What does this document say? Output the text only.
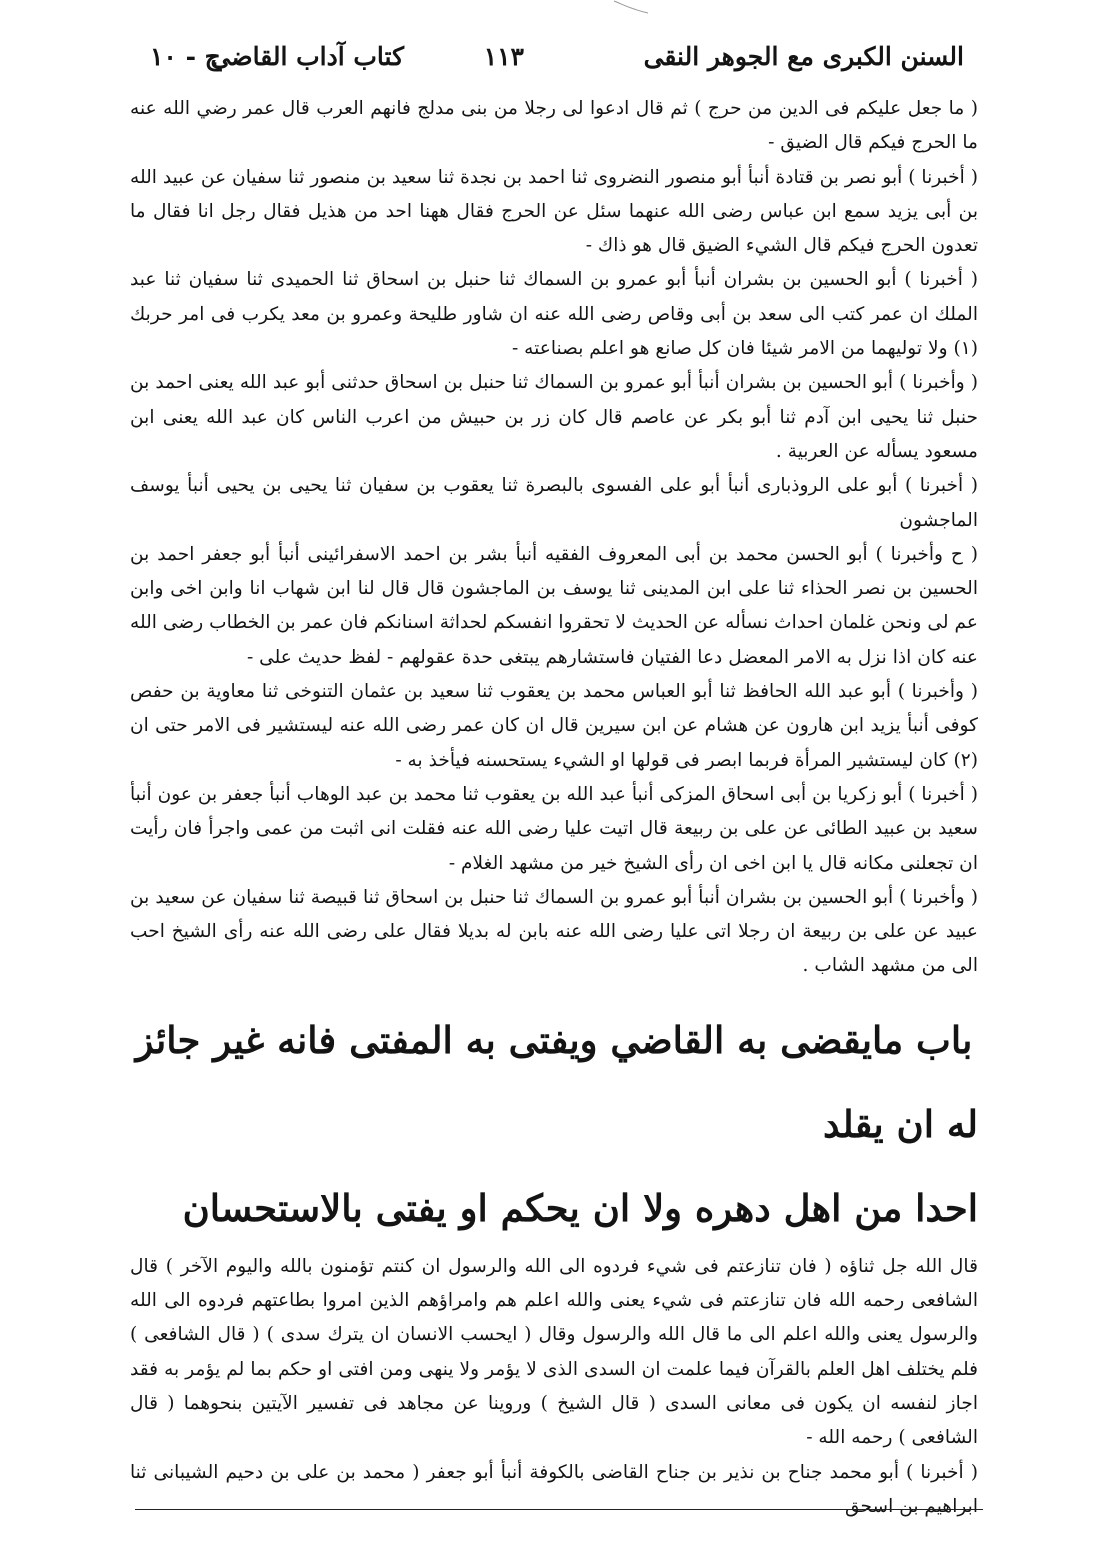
السنن الكبرى مع الجوهر النقى
١١٣
كتاب آداب القاضي
ج - ١٠

( ما جعل عليكم فى الدين من حرج ) ثم قال ادعوا لى رجلا من بنى مدلج فانهم العرب قال عمر رضي الله عنه ما الحرج فيكم قال الضيق -

( أخبرنا ) أبو نصر بن قتادة أنبأ أبو منصور النضروى ثنا احمد بن نجدة ثنا سعيد بن منصور ثنا سفيان عن عبيد الله بن أبى يزيد سمع ابن عباس رضى الله عنهما سئل عن الحرج فقال ههنا احد من هذيل فقال رجل انا فقال ما تعدون الحرج فيكم قال الشيء الضيق قال هو ذاك -

( أخبرنا ) أبو الحسين بن بشران أنبأ أبو عمرو بن السماك ثنا حنبل بن اسحاق ثنا الحميدى ثنا سفيان ثنا عبد الملك ان عمر كتب الى سعد بن أبى وقاص رضى الله عنه ان شاور طليحة وعمرو بن معد يكرب فى امر حربك (١) ولا توليهما من الامر شيئا فان كل صانع هو اعلم بصناعته -

( وأخبرنا ) أبو الحسين بن بشران أنبأ أبو عمرو بن السماك ثنا حنبل بن اسحاق حدثنى أبو عبد الله يعنى احمد بن حنبل ثنا يحيى ابن آدم ثنا أبو بكر عن عاصم قال كان زر بن حبيش من اعرب الناس كان عبد الله يعنى ابن مسعود يسأله عن العربية .

( أخبرنا ) أبو على الروذبارى أنبأ أبو على الفسوى بالبصرة ثنا يعقوب بن سفيان ثنا يحيى بن يحيى أنبأ يوسف الماجشون

( ح وأخبرنا ) أبو الحسن محمد بن أبى المعروف الفقيه أنبأ بشر بن احمد الاسفرائينى أنبأ أبو جعفر احمد بن الحسين بن نصر الحذاء ثنا على ابن المدينى ثنا يوسف بن الماجشون قال قال لنا ابن شهاب انا وابن اخى وابن عم لى ونحن غلمان احداث نسأله عن الحديث لا تحقروا انفسكم لحداثة اسنانكم فان عمر بن الخطاب رضى الله عنه كان اذا نزل به الامر المعضل دعا الفتيان فاستشارهم يبتغى حدة عقولهم - لفظ حديث على -

( وأخبرنا ) أبو عبد الله الحافظ ثنا أبو العباس محمد بن يعقوب ثنا سعيد بن عثمان التنوخى ثنا معاوية بن حفص كوفى أنبأ يزيد ابن هارون عن هشام عن ابن سيرين قال ان كان عمر رضى الله عنه ليستشير فى الامر حتى ان (٢) كان ليستشير المرأة فربما ابصر فى قولها او الشيء يستحسنه فيأخذ به -

( أخبرنا ) أبو زكريا بن أبى اسحاق المزكى أنبأ عبد الله بن يعقوب ثنا محمد بن عبد الوهاب أنبأ جعفر بن عون أنبأ سعيد بن عبيد الطائى عن على بن ربيعة قال اتيت عليا رضى الله عنه فقلت انى اثبت من عمى واجرأ فان رأيت ان تجعلنى مكانه قال يا ابن اخى ان رأى الشيخ خير من مشهد الغلام -

( وأخبرنا ) أبو الحسين بن بشران أنبأ أبو عمرو بن السماك ثنا حنبل بن اسحاق ثنا قبيصة ثنا سفيان عن سعيد بن عبيد عن على بن ربيعة ان رجلا اتى عليا رضى الله عنه بابن له بديلا فقال على رضى الله عنه رأى الشيخ احب الى من مشهد الشاب .

باب مايقضى به القاضي ويفتى به المفتى فانه غير جائز له ان يقلد
احدا من اهل دهره ولا ان يحكم او يفتى بالاستحسان

قال الله جل ثناؤه ( فان تنازعتم فى شيء فردوه الى الله والرسول ان كنتم تؤمنون بالله واليوم الآخر ) قال الشافعى رحمه الله فان تنازعتم فى شيء يعنى والله اعلم هم وامراؤهم الذين امروا بطاعتهم فردوه الى الله والرسول يعنى والله اعلم الى ما قال الله والرسول وقال ( ايحسب الانسان ان يترك سدى ) ( قال الشافعى ) فلم يختلف اهل العلم بالقرآن فيما علمت ان السدى الذى لا يؤمر ولا ينهى ومن افتى او حكم بما لم يؤمر به فقد اجاز لنفسه ان يكون فى معانى السدى ( قال الشيخ ) وروينا عن مجاهد فى تفسير الآيتين بنحوهما ( قال الشافعى ) رحمه الله -

( أخبرنا ) أبو محمد جناح بن نذير بن جناح القاضى بالكوفة أنبأ أبو جعفر ( محمد بن على بن دحيم الشيبانى ثنا ابراهيم بن اسحق
